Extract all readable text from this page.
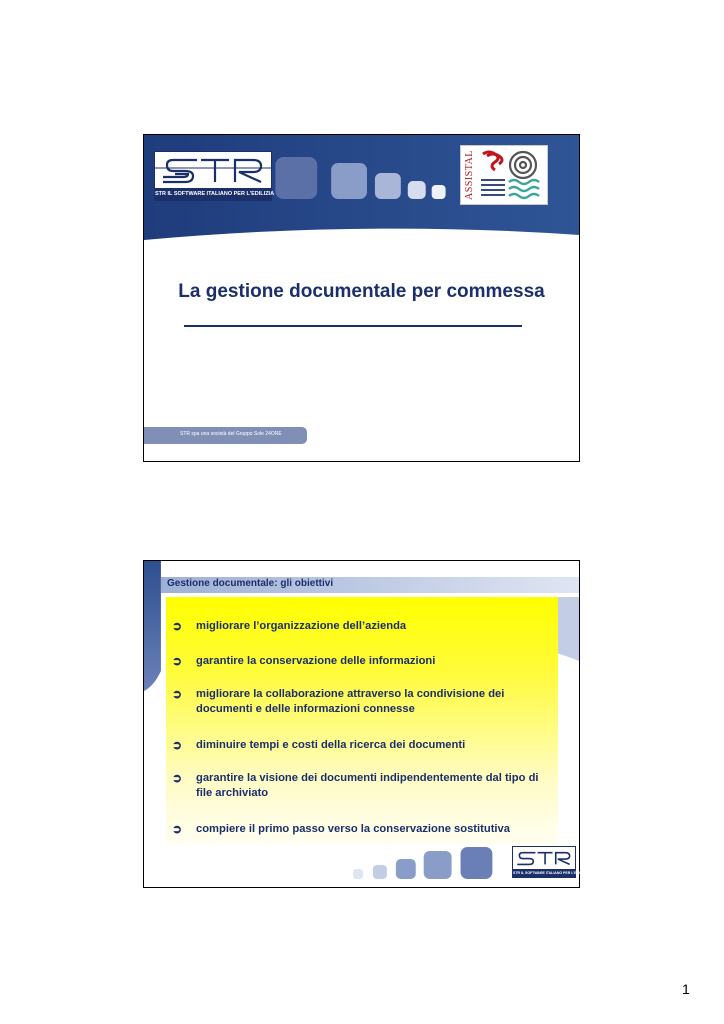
STR IL SOFTWARE ITALIANO PER L'EDILIZIA	ASSISTAL
La gestione documentale per commessa
STR spa una società del Gruppo Sole 24ORE
Gestione documentale: gli obiettivi
➲ migliorare l’organizzazione dell’azienda
➲ garantire la conservazione delle informazioni
➲ migliorare la collaborazione attraverso la condivisione dei documenti e delle informazioni connesse
➲ diminuire tempi e costi della ricerca dei documenti
➲ garantire la visione dei documenti indipendentemente dal tipo di file archiviato
➲ compiere il primo passo verso la conservazione sostitutiva
STR IL SOFTWARE ITALIANO PER L'EDILIZIA
1
